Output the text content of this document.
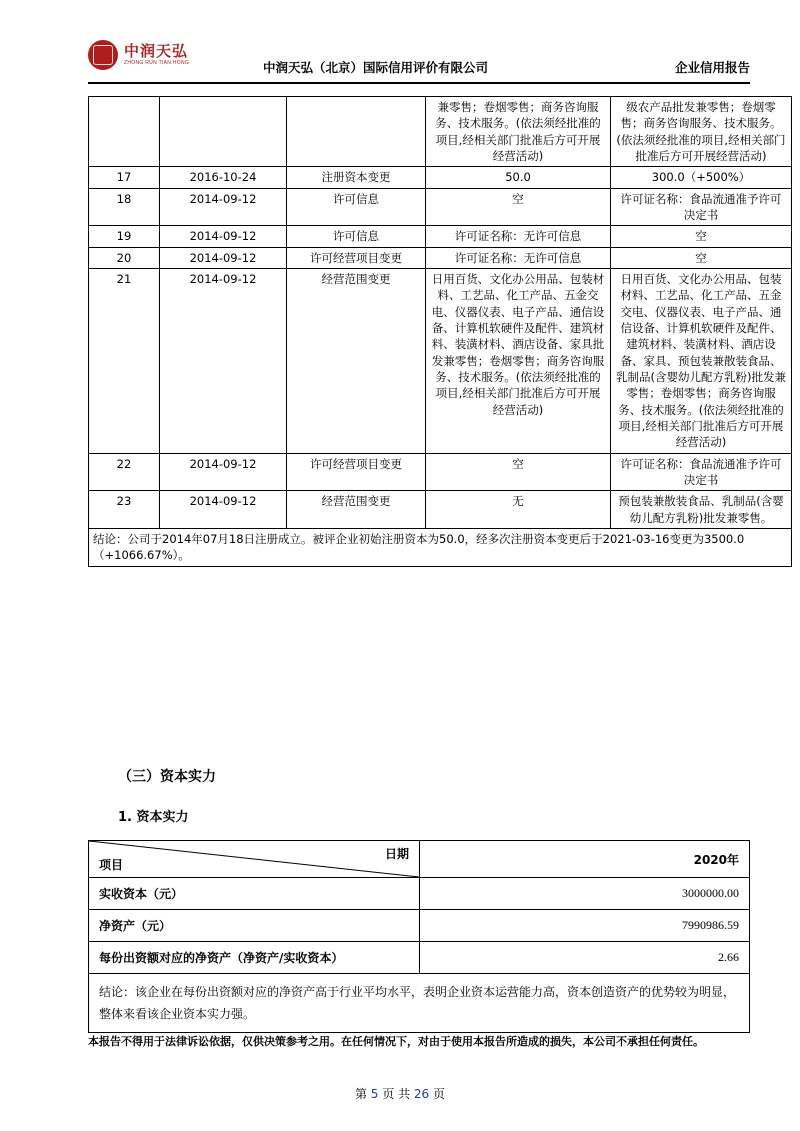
中润天弘
ZHONG RUN TIAN HONG	中润天弘（北京）国际信用评价有限公司	企业信用报告
			兼零售；卷烟零售；商务咨询服务、技术服务。(依法须经批准的项目,经相关部门批准后方可开展经营活动)	级农产品批发兼零售；卷烟零售；商务咨询服务、技术服务。(依法须经批准的项目,经相关部门批准后方可开展经营活动)
17	2016-10-24	注册资本变更	50.0	300.0（+500%）
18	2014-09-12	许可信息	空	许可证名称：食品流通准予许可决定书
19	2014-09-12	许可信息	许可证名称：无许可信息	空
20	2014-09-12	许可经营项目变更	许可证名称：无许可信息	空
21	2014-09-12	经营范围变更	日用百货、文化办公用品、包装材料、工艺品、化工产品、五金交电、仪器仪表、电子产品、通信设备、计算机软硬件及配件、建筑材料、装潢材料、酒店设备、家具批发兼零售；卷烟零售；商务咨询服务、技术服务。(依法须经批准的项目,经相关部门批准后方可开展经营活动)	日用百货、文化办公用品、包装材料、工艺品、化工产品、五金交电、仪器仪表、电子产品、通信设备、计算机软硬件及配件、建筑材料、装潢材料、酒店设备、家具、预包装兼散装食品、乳制品(含婴幼儿配方乳粉)批发兼零售；卷烟零售；商务咨询服务、技术服务。(依法须经批准的项目,经相关部门批准后方可开展经营活动)
22	2014-09-12	许可经营项目变更	空	许可证名称：食品流通准予许可决定书
23	2014-09-12	经营范围变更	无	预包装兼散装食品、乳制品(含婴幼儿配方乳粉)批发兼零售。
结论：公司于2014年07月18日注册成立。被评企业初始注册资本为50.0，经多次注册资本变更后于2021-03-16变更为3500.0（+1066.67%）。				
（三）资本实力
1. 资本实力
项目
日期	2020年
实收资本（元）	3000000.00
净资产（元）	7990986.59
每份出资额对应的净资产（净资产/实收资本）	2.66
结论：该企业在每份出资额对应的净资产高于行业平均水平，表明企业资本运营能力高，资本创造资产的优势较为明显，整体来看该企业资本实力强。	
本报告不得用于法律诉讼依据，仅供决策参考之用。在任何情况下，对由于使用本报告所造成的损失，本公司不承担任何责任。
第 5 页 共 26 页
